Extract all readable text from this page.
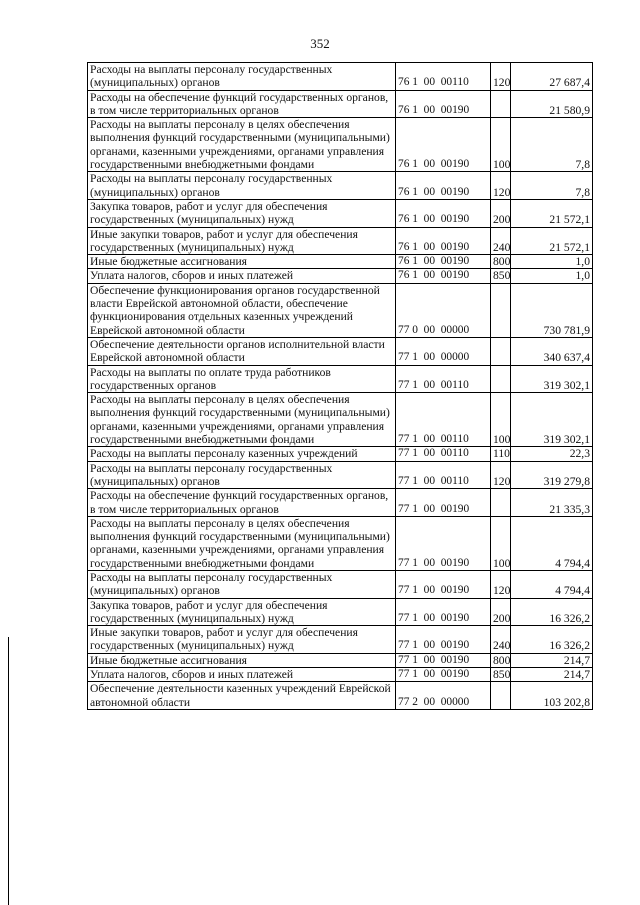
352
Расходы на выплаты персоналу государственных (муниципальных) органов	76 1  00  00110	120	27 687,4
Расходы на обеспечение функций государственных органов, в том числе территориальных органов	76 1  00  00190		21 580,9
Расходы на выплаты персоналу в целях обеспечения выполнения функций государственными (муниципальными) органами, казенными учреждениями, органами управления государственными внебюджетными фондами	76 1  00  00190	100	7,8
Расходы на выплаты персоналу государственных (муниципальных) органов	76 1  00  00190	120	7,8
Закупка товаров, работ и услуг для обеспечения государственных (муниципальных) нужд	76 1  00  00190	200	21 572,1
Иные закупки товаров, работ и услуг для обеспечения государственных (муниципальных) нужд	76 1  00  00190	240	21 572,1
Иные бюджетные ассигнования	76 1  00  00190	800	1,0
Уплата налогов, сборов и иных платежей	76 1  00  00190	850	1,0
Обеспечение функционирования органов государственной власти Еврейской автономной области, обеспечение функционирования отдельных казенных учреждений Еврейской автономной области	77 0  00  00000		730 781,9
Обеспечение деятельности органов исполнительной власти Еврейской автономной области	77 1  00  00000		340 637,4
Расходы на выплаты по оплате труда работников государственных органов	77 1  00  00110		319 302,1
Расходы на выплаты персоналу в целях обеспечения выполнения функций государственными (муниципальными) органами, казенными учреждениями, органами управления государственными внебюджетными фондами	77 1  00  00110	100	319 302,1
Расходы на выплаты персоналу казенных учреждений	77 1  00  00110	110	22,3
Расходы на выплаты персоналу государственных (муниципальных) органов	77 1  00  00110	120	319 279,8
Расходы на обеспечение функций государственных органов, в том числе территориальных органов	77 1  00  00190		21 335,3
Расходы на выплаты персоналу в целях обеспечения выполнения функций государственными (муниципальными) органами, казенными учреждениями, органами управления государственными внебюджетными фондами	77 1  00  00190	100	4 794,4
Расходы на выплаты персоналу государственных (муниципальных) органов	77 1  00  00190	120	4 794,4
Закупка товаров, работ и услуг для обеспечения государственных (муниципальных) нужд	77 1  00  00190	200	16 326,2
Иные закупки товаров, работ и услуг для обеспечения государственных (муниципальных) нужд	77 1  00  00190	240	16 326,2
Иные бюджетные ассигнования	77 1  00  00190	800	214,7
Уплата налогов, сборов и иных платежей	77 1  00  00190	850	214,7
Обеспечение деятельности казенных учреждений Еврейской автономной области	77 2  00  00000		103 202,8
